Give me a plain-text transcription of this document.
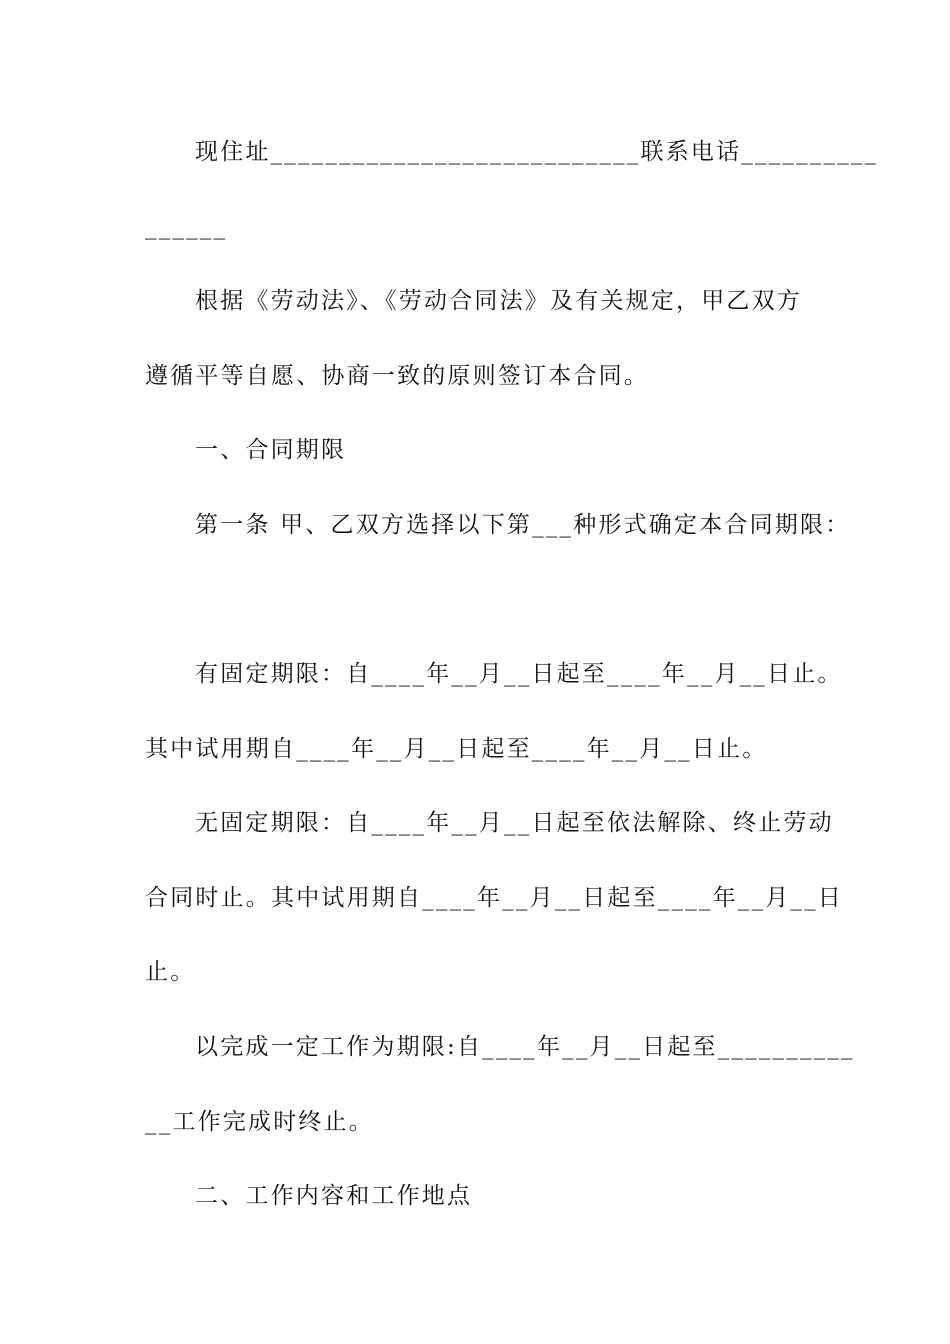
现住址___________________________联系电话__________
______
根据《劳动法》、《劳动合同法》及有关规定，甲乙双方
遵循平等自愿、协商一致的原则签订本合同。
一、合同期限
第一条 甲、乙双方选择以下第___种形式确定本合同期限：
有固定期限：自____年__月__日起至____年__月__日止。
其中试用期自____年__月__日起至____年__月__日止。
无固定期限：自____年__月__日起至依法解除、终止劳动
合同时止。其中试用期自____年__月__日起至____年__月__日
止。
以完成一定工作为期限:自____年__月__日起至__________
__工作完成时终止。
二、工作内容和工作地点
